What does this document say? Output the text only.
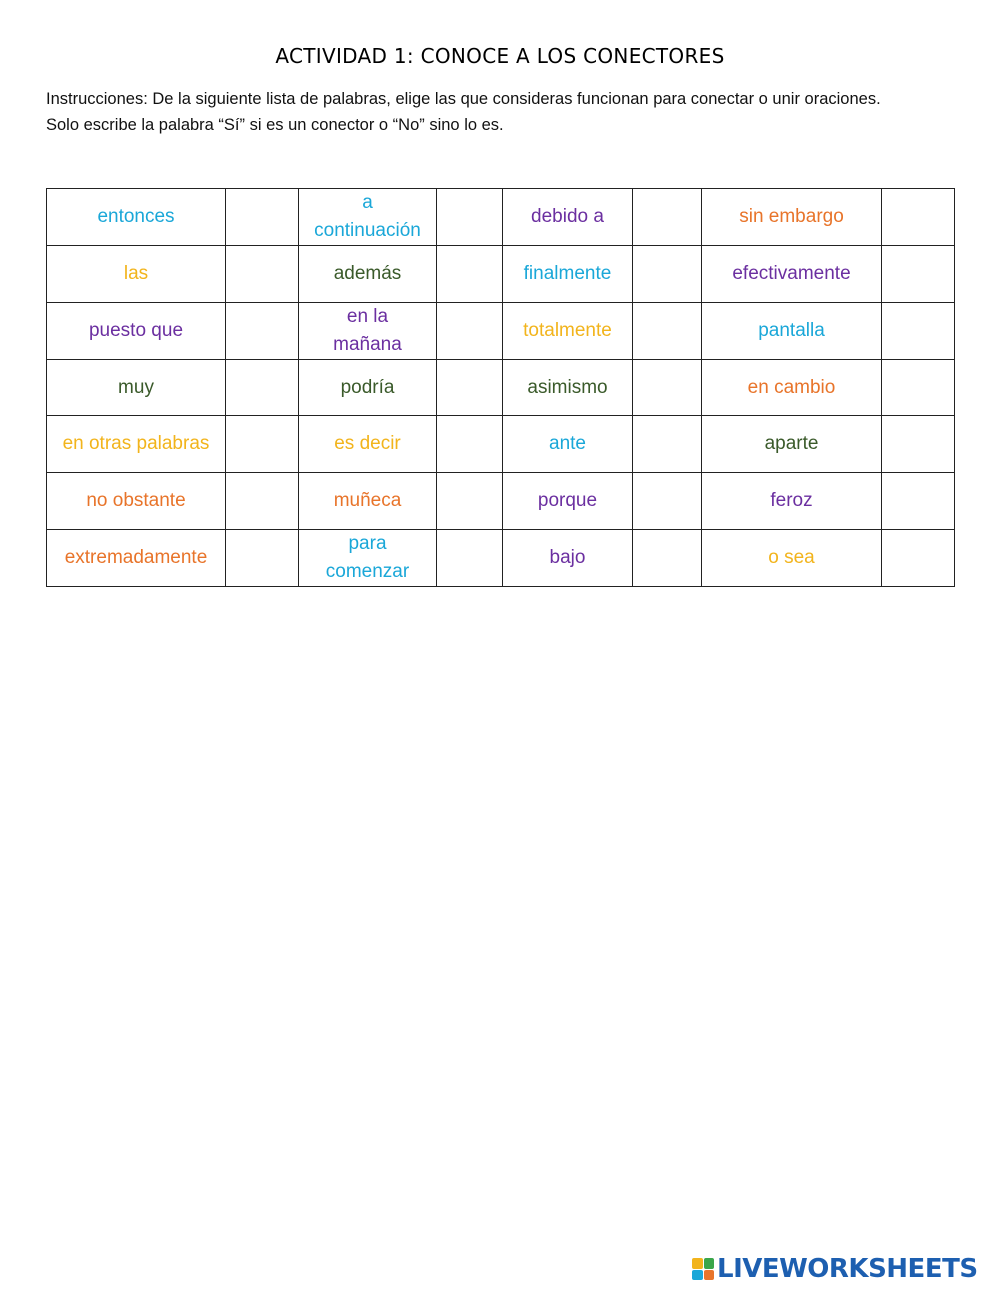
ACTIVIDAD 1: CONOCE A LOS CONECTORES
Instrucciones: De la siguiente lista de palabras, elige las que consideras funcionan para conectar o unir oraciones.
Solo escribe la palabra “Sí” si es un conector o “No” sino lo es.
entonces		a continuación		debido a		sin embargo	
las		además		finalmente		efectivamente	
puesto que		en la mañana		totalmente		pantalla	
muy		podría		asimismo		en cambio	
en otras palabras		es decir		ante		aparte	
no obstante		muñeca		porque		feroz	
extremadamente		para comenzar		bajo		o sea	
LIVEWORKSHEETS
